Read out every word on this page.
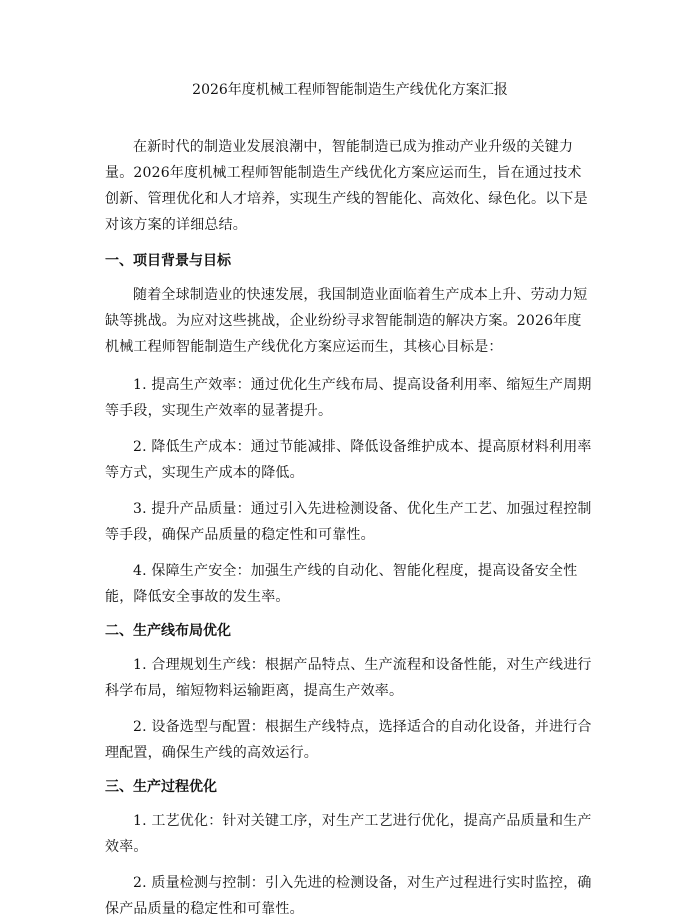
2026年度机械工程师智能制造生产线优化方案汇报

在新时代的制造业发展浪潮中，智能制造已成为推动产业升级的关键力量。2026年度机械工程师智能制造生产线优化方案应运而生，旨在通过技术创新、管理优化和人才培养，实现生产线的智能化、高效化、绿色化。以下是对该方案的详细总结。

一、项目背景与目标

随着全球制造业的快速发展，我国制造业面临着生产成本上升、劳动力短缺等挑战。为应对这些挑战，企业纷纷寻求智能制造的解决方案。2026年度机械工程师智能制造生产线优化方案应运而生，其核心目标是：

1. 提高生产效率：通过优化生产线布局、提高设备利用率、缩短生产周期等手段，实现生产效率的显著提升。

2. 降低生产成本：通过节能减排、降低设备维护成本、提高原材料利用率等方式，实现生产成本的降低。

3. 提升产品质量：通过引入先进检测设备、优化生产工艺、加强过程控制等手段，确保产品质量的稳定性和可靠性。

4. 保障生产安全：加强生产线的自动化、智能化程度，提高设备安全性能，降低安全事故的发生率。

二、生产线布局优化

1. 合理规划生产线：根据产品特点、生产流程和设备性能，对生产线进行科学布局，缩短物料运输距离，提高生产效率。

2. 设备选型与配置：根据生产线特点，选择适合的自动化设备，并进行合理配置，确保生产线的高效运行。

三、生产过程优化

1. 工艺优化：针对关键工序，对生产工艺进行优化，提高产品质量和生产效率。

2. 质量检测与控制：引入先进的检测设备，对生产过程进行实时监控，确保产品质量的稳定性和可靠性。
